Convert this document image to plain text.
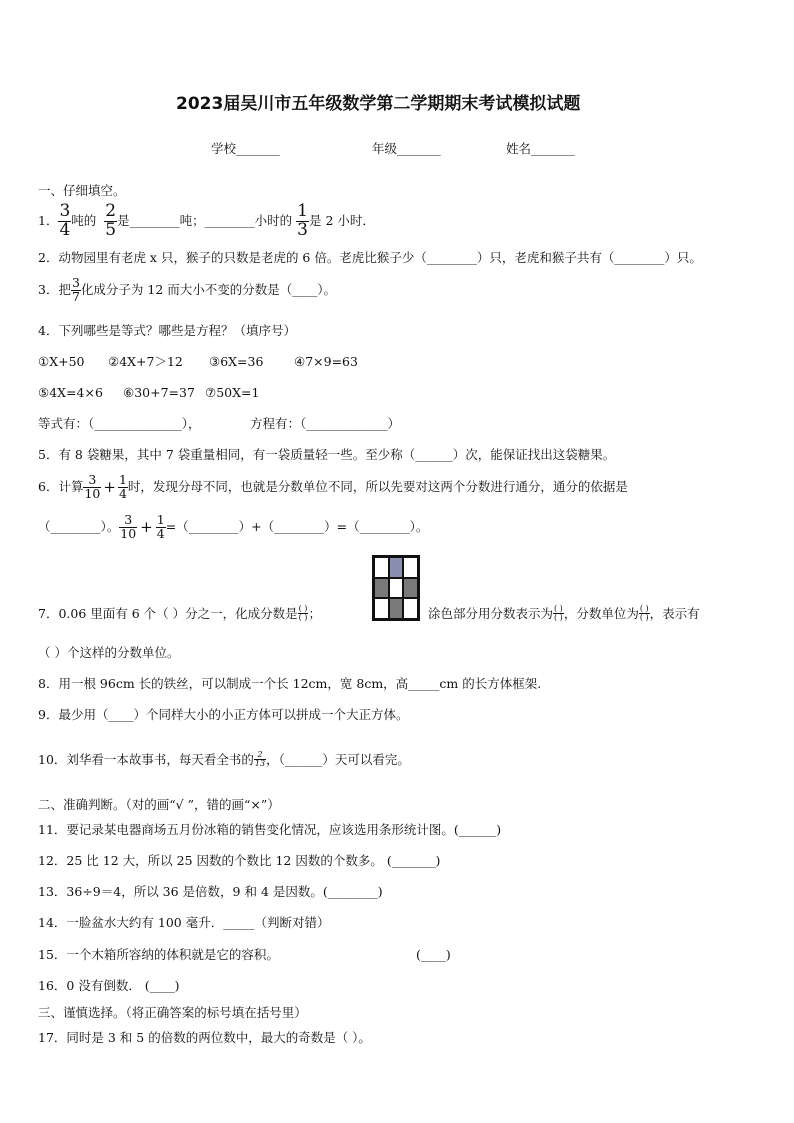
2023届吴川市五年级数学第二学期期末考试模拟试题
学校_______	年级_______	姓名_______
一、仔细填空。
1． $\frac{3}{4}$ 吨的 $\frac{2}{5}$ 是________吨；________小时的 $\frac{1}{3}$ 是 2 小时．
2．动物园里有老虎 x 只，猴子的只数是老虎的 6 倍。老虎比猴子少（________）只，老虎和猴子共有（________）只。
3．把 $\frac{3}{7}$ 化成分子为 12 而大小不变的分数是（____）。
4．下列哪些是等式？哪些是方程？（填序号）
①X+50 ②4X+7＞12 ③6X=36 ④7×9=63
⑤4X=4×6 ⑥30+7=37 ⑦50X=1
等式有：（______________），	方程有：（_____________）
5．有 8 袋糖果，其中 7 袋重量相同，有一袋质量轻一些。至少称（______）次，能保证找出这袋糖果。
6．计算 $\frac{3}{10} + \frac{1}{4}$ 时，发现分母不同，也就是分数单位不同，所以先要对这两个分数进行通分，通分的依据是
（________）。 $\frac{3}{10} + \frac{1}{4}$ =（________）+（________）=（________）。
7．0.06 里面有 6 个（ ）分之一，化成分数是 $\frac{( )}{( )}$ ；	涂色部分用分数表示为 $\frac{( )}{( )}$ ，分数单位为 $\frac{( )}{( )}$ ，表示有
（ ）个这样的分数单位。
8．用一根 96cm 长的铁丝，可以制成一个长 12cm，宽 8cm，高_____cm 的长方体框架.
9．最少用（____）个同样大小的小正方体可以拼成一个大正方体。
10．刘华看一本故事书，每天看全书的 $\frac{2}{13}$ ，（______）天可以看完。
二、准确判断。（对的画“√ ”，错的画“×”）
11．要记录某电器商场五月份冰箱的销售变化情况，应该选用条形统计图。(______)
12．25 比 12 大，所以 25 因数的个数比 12 因数的个数多。 (_______)
13．36÷9＝4，所以 36 是倍数，9 和 4 是因数。(________)
14．一脸盆水大约有 100 毫升．_____（判断对错）
15．一个木箱所容纳的体积就是它的容积。	(____)
16．0 没有倒数． (____)
三、谨慎选择。（将正确答案的标号填在括号里）
17．同时是 3 和 5 的倍数的两位数中，最大的奇数是（ ）。
